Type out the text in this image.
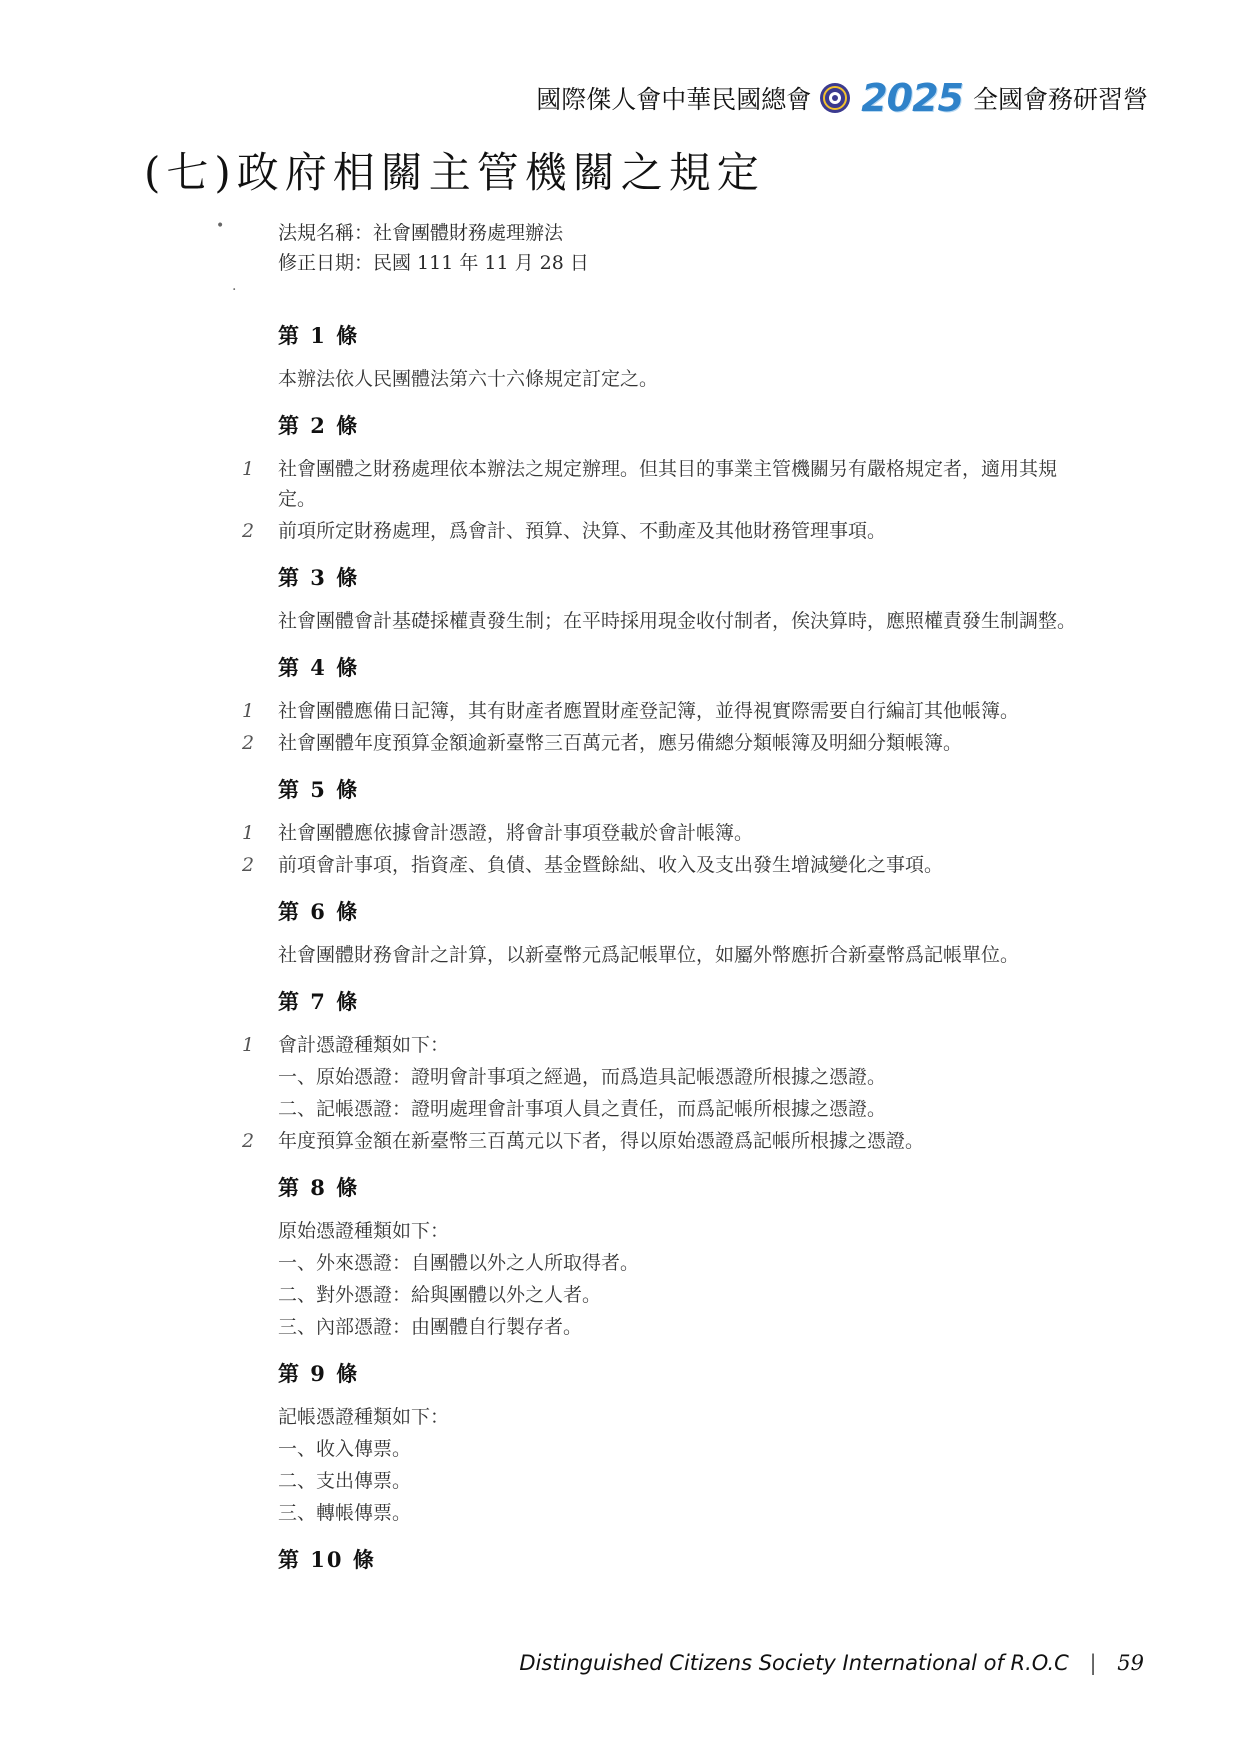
國際傑人會中華民國總會 2025 全國會務研習營
(七)政府相關主管機關之規定
•
·
法規名稱：社會團體財務處理辦法
修正日期：民國 111 年 11 月 28 日
第 1 條
本辦法依人民團體法第六十六條規定訂定之。
第 2 條
1	社會團體之財務處理依本辦法之規定辦理。但其目的事業主管機關另有嚴格規定者，適用其規定。
2	前項所定財務處理，爲會計、預算、決算、不動產及其他財務管理事項。
第 3 條
社會團體會計基礎採權責發生制；在平時採用現金收付制者，俟決算時，應照權責發生制調整。
第 4 條
1	社會團體應備日記簿，其有財產者應置財產登記簿，並得視實際需要自行編訂其他帳簿。
2	社會團體年度預算金額逾新臺幣三百萬元者，應另備總分類帳簿及明細分類帳簿。
第 5 條
1	社會團體應依據會計憑證，將會計事項登載於會計帳簿。
2	前項會計事項，指資產、負債、基金暨餘絀、收入及支出發生增減變化之事項。
第 6 條
社會團體財務會計之計算，以新臺幣元爲記帳單位，如屬外幣應折合新臺幣爲記帳單位。
第 7 條
1	會計憑證種類如下：
一、原始憑證：證明會計事項之經過，而爲造具記帳憑證所根據之憑證。
二、記帳憑證：證明處理會計事項人員之責任，而爲記帳所根據之憑證。
2	年度預算金額在新臺幣三百萬元以下者，得以原始憑證爲記帳所根據之憑證。
第 8 條
原始憑證種類如下：
一、外來憑證：自團體以外之人所取得者。
二、對外憑證：給與團體以外之人者。
三、內部憑證：由團體自行製存者。
第 9 條
記帳憑證種類如下：
一、收入傳票。
二、支出傳票。
三、轉帳傳票。
第 10 條
Distinguished Citizens Society International of R.O.C | 59
